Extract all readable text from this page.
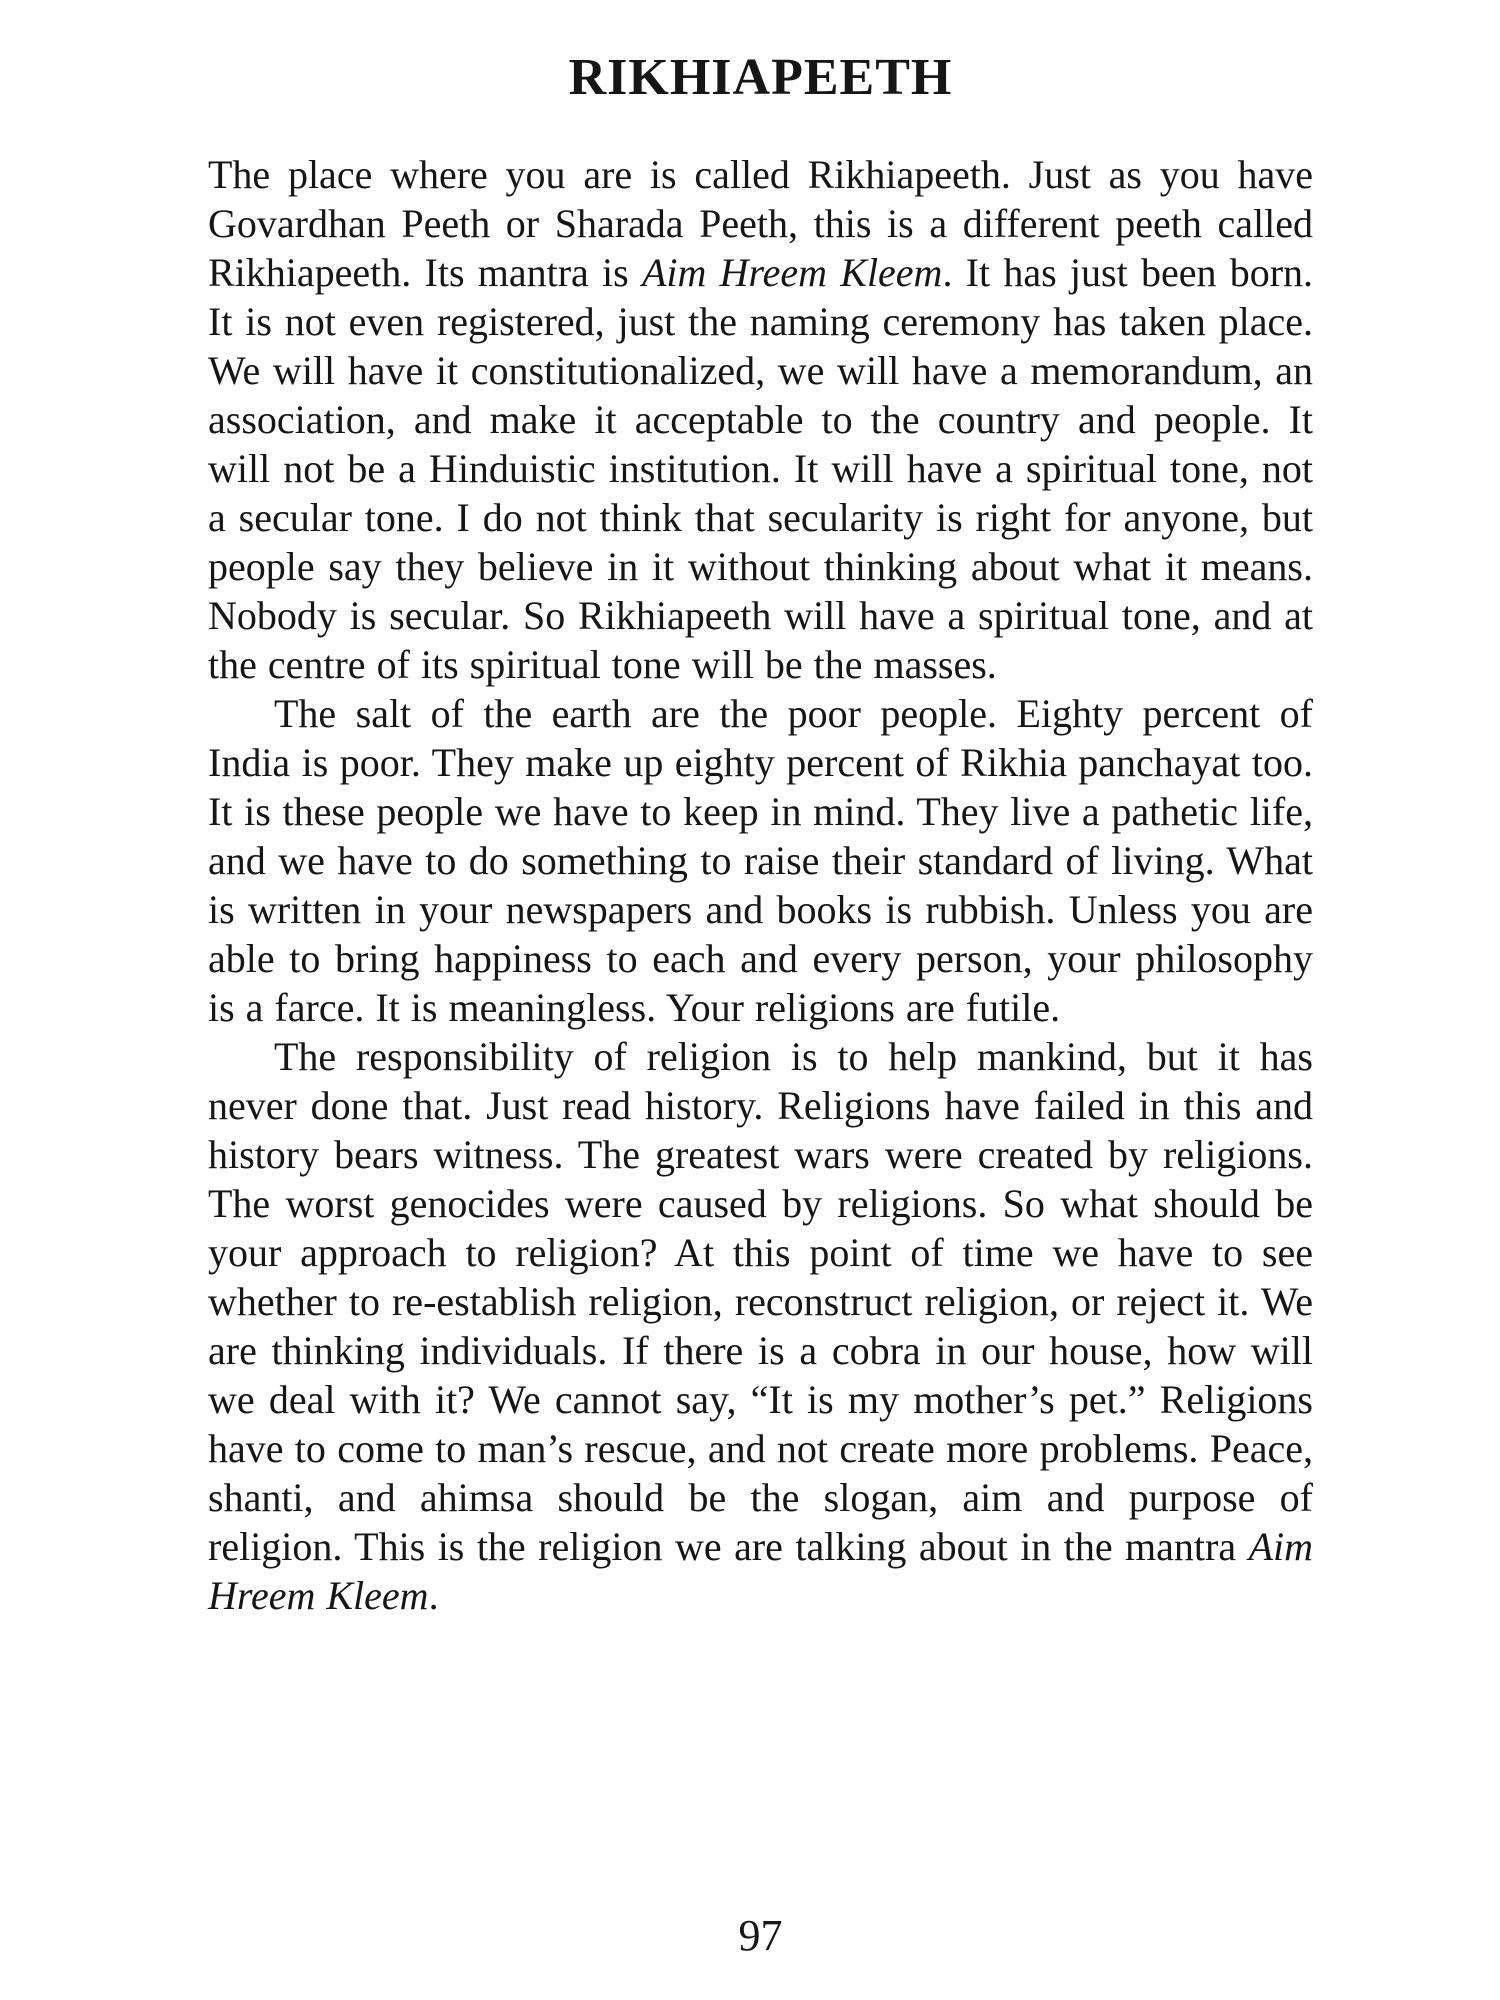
RIKHIAPEETH

The place where you are is called Rikhiapeeth. Just as you have Govardhan Peeth or Sharada Peeth, this is a different peeth called Rikhiapeeth. Its mantra is Aim Hreem Kleem. It has just been born. It is not even registered, just the naming ceremony has taken place. We will have it constitutionalized, we will have a memorandum, an association, and make it acceptable to the country and people. It will not be a Hinduistic institution. It will have a spiritual tone, not a secular tone. I do not think that secularity is right for anyone, but people say they believe in it without thinking about what it means. Nobody is secular. So Rikhiapeeth will have a spiritual tone, and at the centre of its spiritual tone will be the masses.

The salt of the earth are the poor people. Eighty percent of India is poor. They make up eighty percent of Rikhia panchayat too. It is these people we have to keep in mind. They live a pathetic life, and we have to do something to raise their standard of living. What is written in your newspapers and books is rubbish. Unless you are able to bring happiness to each and every person, your philosophy is a farce. It is meaningless. Your religions are futile.

The responsibility of religion is to help mankind, but it has never done that. Just read history. Religions have failed in this and history bears witness. The greatest wars were created by religions. The worst genocides were caused by religions. So what should be your approach to religion? At this point of time we have to see whether to re-establish religion, reconstruct religion, or reject it. We are thinking individuals. If there is a cobra in our house, how will we deal with it? We cannot say, “It is my mother’s pet.” Religions have to come to man’s rescue, and not create more problems. Peace, shanti, and ahimsa should be the slogan, aim and purpose of religion. This is the religion we are talking about in the mantra Aim Hreem Kleem.

97
